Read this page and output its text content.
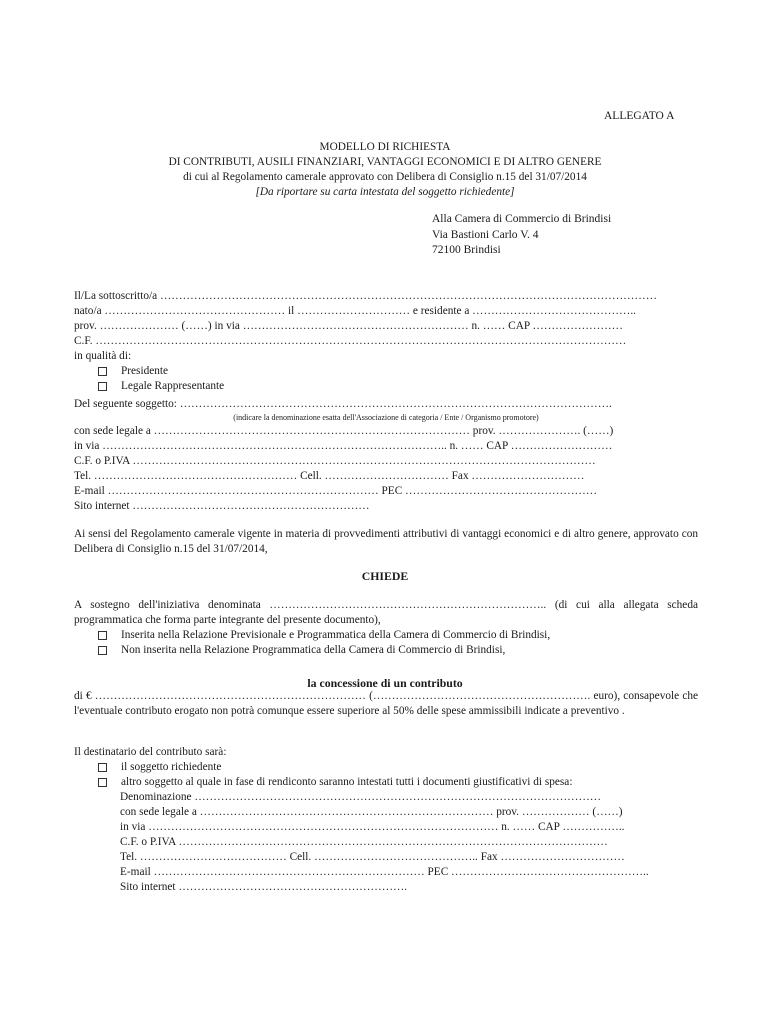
ALLEGATO A
MODELLO DI RICHIESTA
DI CONTRIBUTI, AUSILI FINANZIARI, VANTAGGI ECONOMICI E DI ALTRO GENERE
di cui al Regolamento camerale approvato con Delibera di Consiglio n.15 del 31/07/2014
[Da riportare su carta intestata del soggetto richiedente]
Alla Camera di Commercio di Brindisi
Via Bastioni Carlo V. 4
72100 Brindisi
Il/La sottoscritto/a ……………………………………………………………………………………………………………………
nato/a ………………………………………… il ………………………… e residente a ……………………………………..
prov. ………………… (……) in via …………………………………………………… n. …… CAP ……………………
C.F. ……………………………………………………………………………………………………………………………
in qualità di:
Presidente
Legale Rappresentante
Del seguente soggetto: …………………………………………………………………………………………………….
(indicare la denominazione esatta dell'Associazione di categoria / Ente / Organismo promotore)
con sede legale a ………………………………………………………………………… prov. …………………. (……)
in via ……………………………………………………………………………….. n. …… CAP ………………………
C.F. o P.IVA ……………………………………………………………………………………………………………
Tel. ……………………………………………… Cell. …………………………… Fax …………………………
E-mail ……………………………………………………………… PEC ……………………………………………
Sito internet ………………………………………………………
Ai sensi del Regolamento camerale vigente in materia di provvedimenti attributivi di vantaggi economici e di altro genere, approvato con Delibera di Consiglio n.15 del 31/07/2014,
CHIEDE
A sostegno dell'iniziativa denominata ……………………………………………………………….. (di cui alla allegata scheda programmatica che forma parte integrante del presente documento),
Inserita nella Relazione Previsionale e Programmatica della Camera di Commercio di Brindisi,
Non inserita nella Relazione Programmatica della Camera di Commercio di Brindisi,
la concessione di un contributo
di € ……………………………………………………………… (…………………………………………………. euro), consapevole che l'eventuale contributo erogato non potrà comunque essere superiore al 50% delle spese ammissibili indicate a preventivo .
Il destinatario del contributo sarà:
il soggetto richiedente
altro soggetto al quale in fase di rendiconto saranno intestati tutti i documenti giustificativi di spesa:
Denominazione ………………………………………………………………………………………………
con sede legale a …………………………………………………………………… prov. ……………… (……)
in via ………………………………………………………………………………… n. …… CAP ……………..
C.F. o P.IVA ……………………………………………………………………………………………………
Tel. ………………………………… Cell. …………………………………….. Fax ……………………………
E-mail ……………………………………………………………… PEC ……………………………………………..
Sito internet …………………………………………………….
